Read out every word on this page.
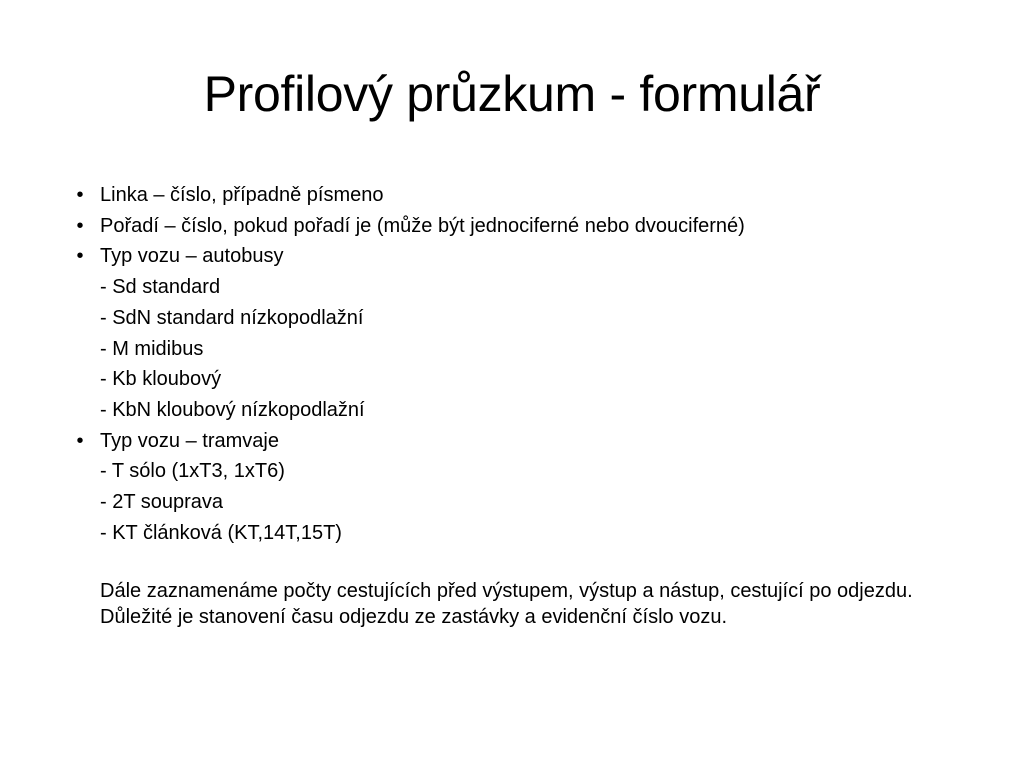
Profilový průzkum - formulář
• Linka – číslo, případně písmeno
• Pořadí – číslo, pokud pořadí je (může být jednociferné nebo dvouciferné)
• Typ vozu – autobusy
- Sd standard
- SdN standard nízkopodlažní
- M midibus
- Kb kloubový
- KbN kloubový nízkopodlažní
• Typ vozu – tramvaje
- T sólo (1xT3, 1xT6)
- 2T souprava
- KT článková (KT,14T,15T)
Dále zaznamenáme počty cestujících před výstupem, výstup a nástup, cestující po odjezdu. Důležité je stanovení času odjezdu ze zastávky a evidenční číslo vozu.
